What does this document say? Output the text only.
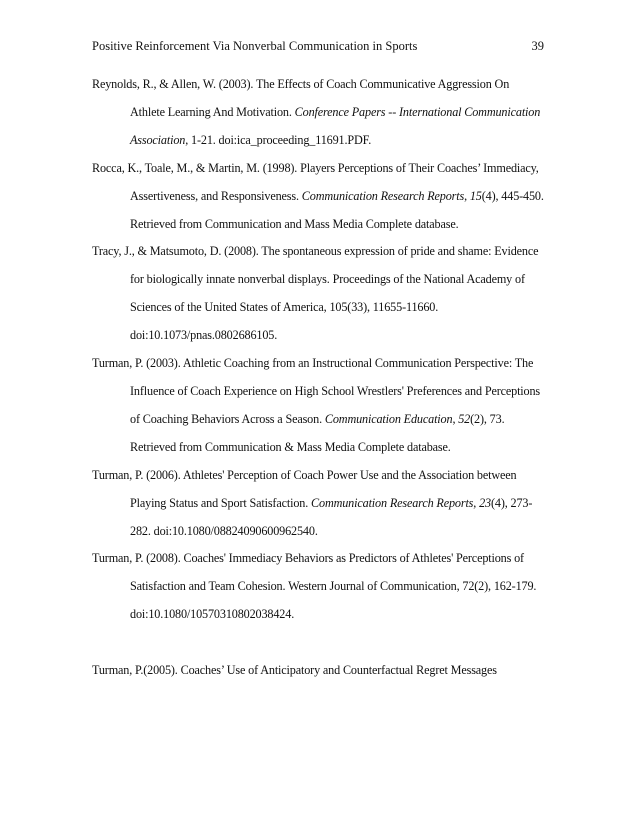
Positive Reinforcement Via Nonverbal Communication in Sports	39

Reynolds, R., & Allen, W. (2003). The Effects of Coach Communicative Aggression On Athlete Learning And Motivation. Conference Papers -- International Communication Association, 1-21. doi:ica_proceeding_11691.PDF.

Rocca, K., Toale, M., & Martin, M. (1998). Players Perceptions of Their Coaches’ Immediacy, Assertiveness, and Responsiveness. Communication Research Reports, 15(4), 445-450. Retrieved from Communication and Mass Media Complete database.

Tracy, J., & Matsumoto, D. (2008). The spontaneous expression of pride and shame: Evidence for biologically innate nonverbal displays. Proceedings of the National Academy of Sciences of the United States of America, 105(33), 11655-11660. doi:10.1073/pnas.0802686105.

Turman, P. (2003). Athletic Coaching from an Instructional Communication Perspective: The Influence of Coach Experience on High School Wrestlers' Preferences and Perceptions of Coaching Behaviors Across a Season. Communication Education, 52(2), 73. Retrieved from Communication & Mass Media Complete database.

Turman, P. (2006). Athletes' Perception of Coach Power Use and the Association between Playing Status and Sport Satisfaction. Communication Research Reports, 23(4), 273-282. doi:10.1080/08824090600962540.

Turman, P. (2008). Coaches' Immediacy Behaviors as Predictors of Athletes' Perceptions of Satisfaction and Team Cohesion. Western Journal of Communication, 72(2), 162-179. doi:10.1080/10570310802038424.

Turman, P.(2005). Coaches’ Use of Anticipatory and Counterfactual Regret Messages
